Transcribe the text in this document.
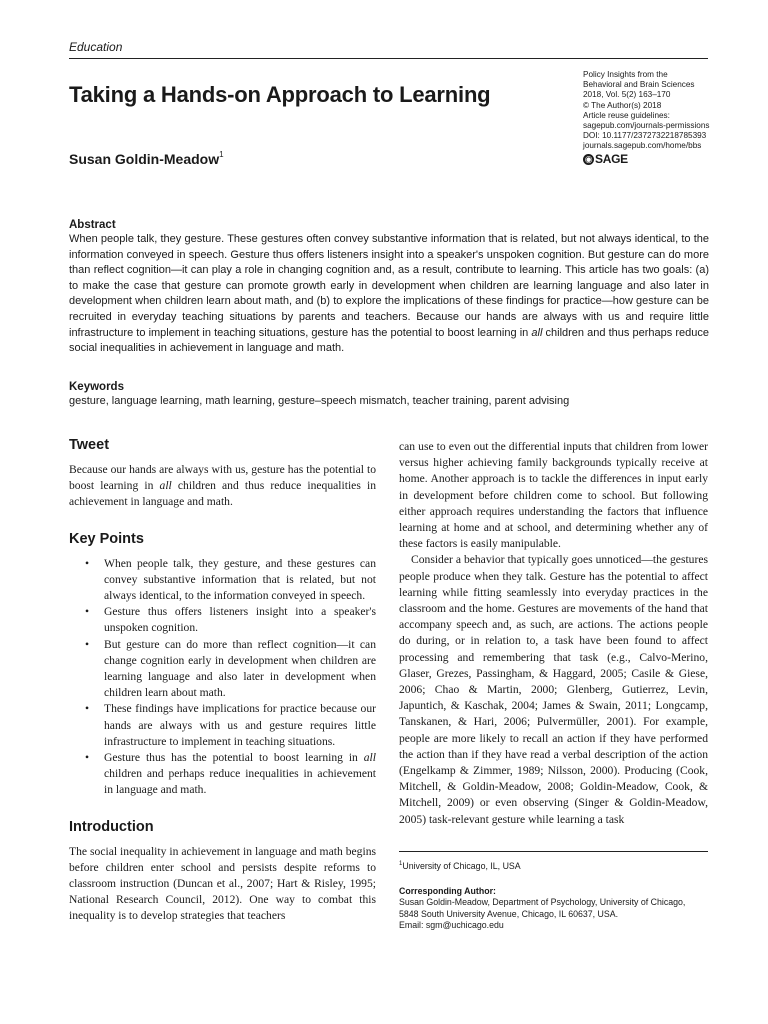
Education
Taking a Hands-on Approach to Learning

Susan Goldin-Meadow$^1$

Policy Insights from the
Behavioral and Brain Sciences
2018, Vol. 5(2) 163–170
© The Author(s) 2018
Article reuse guidelines:
sagepub.com/journals-permissions
DOI: 10.1177/2372732218785393
journals.sagepub.com/home/bbs
◉ SAGE

Abstract

When people talk, they gesture. These gestures often convey substantive information that is related, but not always identical, to the information conveyed in speech. Gesture thus offers listeners insight into a speaker's unspoken cognition. But gesture can do more than reflect cognition—it can play a role in changing cognition and, as a result, contribute to learning. This article has two goals: (a) to make the case that gesture can promote growth early in development when children are learning language and also later in development when children learn about math, and (b) to explore the implications of these findings for practice—how gesture can be recruited in everyday teaching situations by parents and teachers. Because our hands are always with us and require little infrastructure to implement in teaching situations, gesture has the potential to boost learning in all children and thus perhaps reduce social inequalities in achievement in language and math.

Keywords

gesture, language learning, math learning, gesture–speech mismatch, teacher training, parent advising

Tweet

Because our hands are always with us, gesture has the potential to boost learning in all children and thus reduce inequalities in achievement in language and math.

Key Points
• When people talk, they gesture, and these gestures can convey substantive information that is related, but not always identical, to the information conveyed in speech.
• Gesture thus offers listeners insight into a speaker's unspoken cognition.
• But gesture can do more than reflect cognition—it can change cognition early in development when children are learning language and also later in development when children learn about math.
• These findings have implications for practice because our hands are always with us and gesture requires little infrastructure to implement in teaching situations.
• Gesture thus has the potential to boost learning in all children and perhaps reduce inequalities in achievement in language and math.
Introduction

The social inequality in achievement in language and math begins before children enter school and persists despite reforms to classroom instruction (Duncan et al., 2007; Hart & Risley, 1995; National Research Council, 2012). One way to combat this inequality is to develop strategies that teachers

can use to even out the differential inputs that children from lower versus higher achieving family backgrounds typically receive at home. Another approach is to tackle the differences in input early in development before children come to school. But following either approach requires understanding the factors that influence learning at home and at school, and determining whether any of these factors is easily manipulable.

Consider a behavior that typically goes unnoticed—the gestures people produce when they talk. Gesture has the potential to affect learning while fitting seamlessly into everyday practices in the classroom and the home. Gestures are movements of the hand that accompany speech and, as such, are actions. The actions people do during, or in relation to, a task have been found to affect processing and remembering that task (e.g., Calvo-Merino, Glaser, Grezes, Passingham, & Haggard, 2005; Casile & Giese, 2006; Chao & Martin, 2000; Glenberg, Gutierrez, Levin, Japuntich, & Kaschak, 2004; James & Swain, 2011; Longcamp, Tanskanen, & Hari, 2006; Pulvermüller, 2001). For example, people are more likely to recall an action if they have performed the action than if they have read a verbal description of the action (Engelkamp & Zimmer, 1989; Nilsson, 2000). Producing (Cook, Mitchell, & Goldin-Meadow, 2008; Goldin-Meadow, Cook, & Mitchell, 2009) or even observing (Singer & Goldin-Meadow, 2005) task-relevant gesture while learning a task

$^1$University of Chicago, IL, USA

Corresponding Author:

Susan Goldin-Meadow, Department of Psychology, University of Chicago,

5848 South University Avenue, Chicago, IL 60637, USA.

Email: sgm@uchicago.edu
